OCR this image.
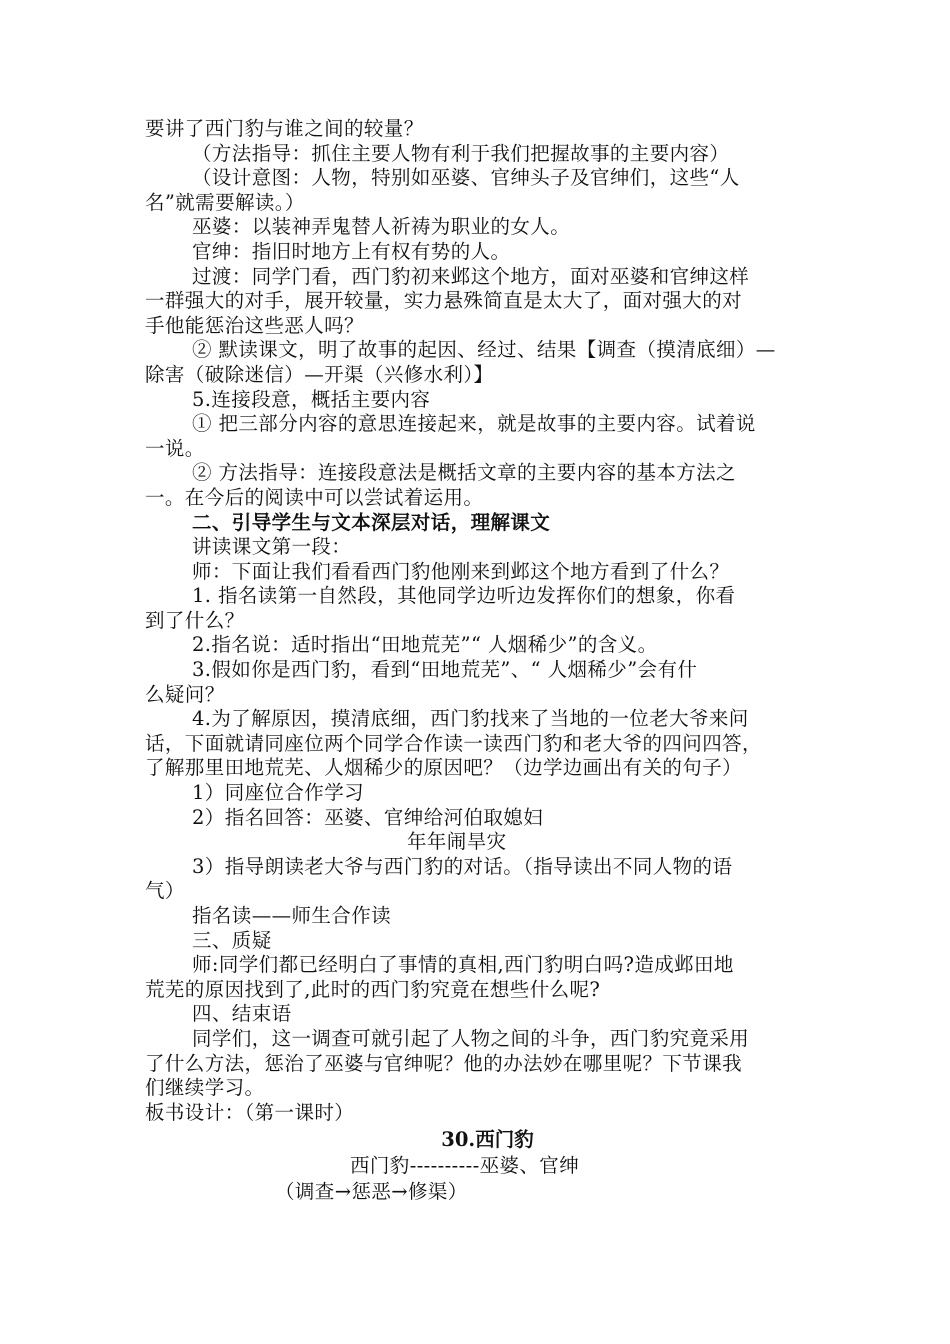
要讲了西门豹与谁之间的较量？
（方法指导：抓住主要人物有利于我们把握故事的主要内容）
（设计意图：人物，特别如巫婆、官绅头子及官绅们，这些“人
名”就需要解读。）
巫婆：以装神弄鬼替人祈祷为职业的女人。
官绅：指旧时地方上有权有势的人。
过渡：同学门看，西门豹初来邺这个地方，面对巫婆和官绅这样
一群强大的对手，展开较量，实力悬殊简直是太大了，面对强大的对
手他能惩治这些恶人吗？
② 默读课文，明了故事的起因、经过、结果【调查（摸清底细）—
除害（破除迷信）—开渠（兴修水利）】
5.连接段意，概括主要内容
① 把三部分内容的意思连接起来，就是故事的主要内容。试着说
一说。
② 方法指导：连接段意法是概括文章的主要内容的基本方法之
一。在今后的阅读中可以尝试着运用。
二、引导学生与文本深层对话，理解课文
讲读课文第一段：
师：下面让我们看看西门豹他刚来到邺这个地方看到了什么？
1. 指名读第一自然段，其他同学边听边发挥你们的想象，你看
到了什么？
2.指名说：适时指出“田地荒芜”“ 人烟稀少”的含义。
3.假如你是西门豹，看到“田地荒芜”、“ 人烟稀少”会有什
么疑问？
4.为了解原因，摸清底细，西门豹找来了当地的一位老大爷来问
话，下面就请同座位两个同学合作读一读西门豹和老大爷的四问四答，
了解那里田地荒芜、人烟稀少的原因吧？（边学边画出有关的句子）
1）同座位合作学习
2）指名回答：巫婆、官绅给河伯取媳妇
年年闹旱灾
3）指导朗读老大爷与西门豹的对话。（指导读出不同人物的语
气）
指名读——师生合作读
三、质疑
师:同学们都已经明白了事情的真相,西门豹明白吗?造成邺田地
荒芜的原因找到了,此时的西门豹究竟在想些什么呢?
四、结束语
同学们，这一调查可就引起了人物之间的斗争，西门豹究竟采用
了什么方法，惩治了巫婆与官绅呢？他的办法妙在哪里呢？下节课我
们继续学习。
板书设计：（第一课时）
30.西门豹
西门豹----------巫婆、官绅
（调查→惩恶→修渠）
